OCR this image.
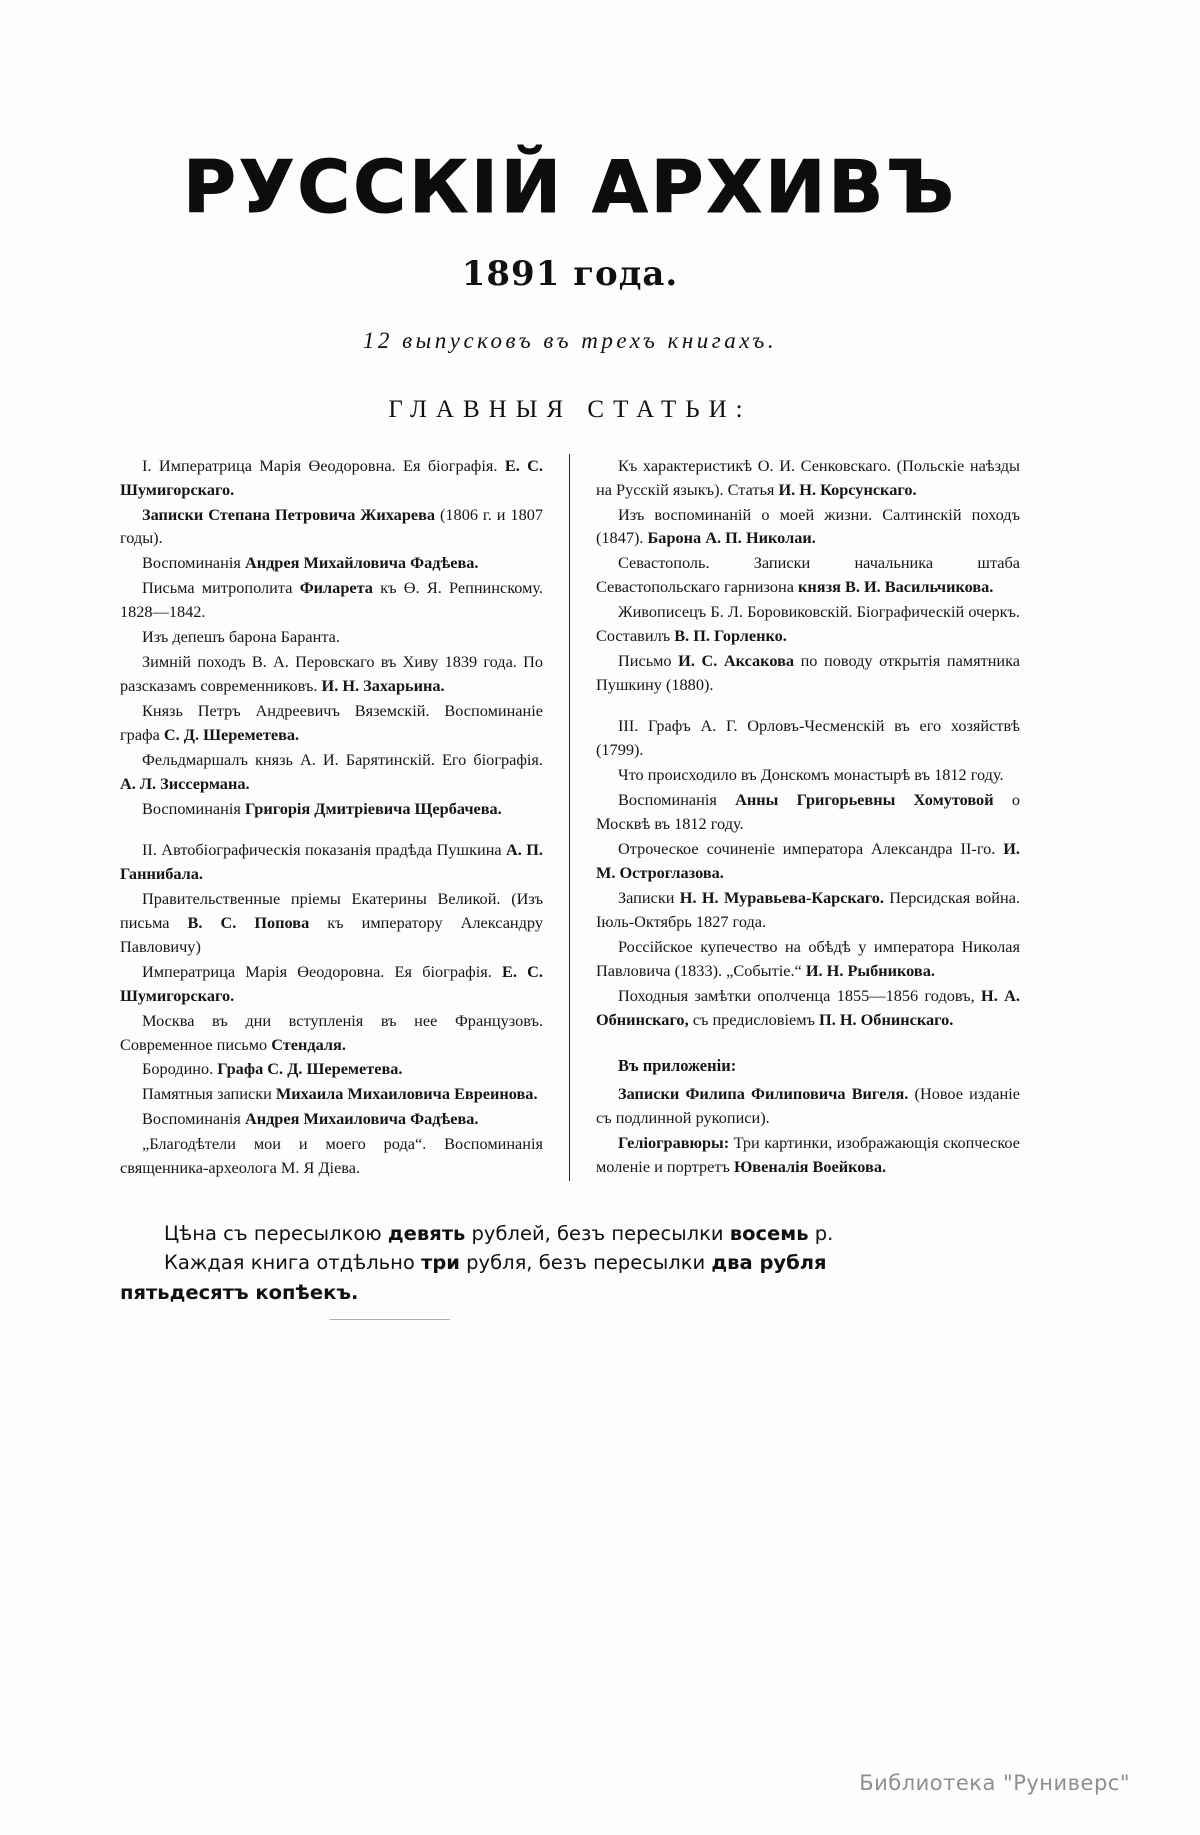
РУССКІЙ АРХИВЪ
1891 года.
12 выпусковъ въ трехъ книгахъ.
ГЛАВНЫЯ СТАТЬИ:

I. Императрица Марія Өеодоровна. Ея біографія. Е. С. Шумигорскаго.

Записки Степана Петровича Жихарева (1806 г. и 1807 годы).

Воспоминанія Андрея Михайловича Фадѣева.

Письма митрополита Филарета къ Ө. Я. Репнинскому. 1828—1842.

Изъ депешъ барона Баранта.

Зимній походъ В. А. Перовскаго въ Хиву 1839 года. По разсказамъ современниковъ. И. Н. Захарьина.

Князь Петръ Андреевичъ Вяземскій. Воспоминаніе графа С. Д. Шереметева.

Фельдмаршалъ князь А. И. Барятинскій. Его біографія. А. Л. Зиссермана.

Воспоминанія Григорія Дмитріевича Щербачева.

II. Автобіографическія показанія прадѣда Пушкина А. П. Ганнибала.

Правительственные пріемы Екатерины Великой. (Изъ письма В. С. Попова къ императору Александру Павловичу)

Императрица Марія Өеодоровна. Ея біографія. Е. С. Шумигорскаго.

Москва въ дни вступленія въ нее Французовъ. Современное письмо Стендаля.

Бородино. Графа С. Д. Шереметева.

Памятныя записки Михаила Михаиловича Евреинова.

Воспоминанія Андрея Михаиловича Фадѣева.

„Благодѣтели мои и моего рода“. Воспоминанія священника-археолога М. Я Діева.

Къ характеристикѣ О. И. Сенковскаго. (Польскіе наѣзды на Русскій языкъ). Статья И. Н. Корсунскаго.

Изъ воспоминаній о моей жизни. Салтинскій походъ (1847). Барона А. П. Николаи.

Севастополь. Записки начальника штаба Севастопольскаго гарнизона князя В. И. Васильчикова.

Живописецъ Б. Л. Боровиковскій. Біографическій очеркъ. Составилъ В. П. Горленко.

Письмо И. С. Аксакова по поводу открытія памятника Пушкину (1880).

III. Графъ А. Г. Орловъ-Чесменскій въ его хозяйствѣ (1799).

Что происходило въ Донскомъ монастырѣ въ 1812 году.

Воспоминанія Анны Григорьевны Хомутовой о Москвѣ въ 1812 году.

Отроческое сочиненіе императора Александра II-го. И. М. Остроглазова.

Записки Н. Н. Муравьева-Карскаго. Персидская война. Іюль-Октябрь 1827 года.

Россійское купечество на обѣдѣ у императора Николая Павловича (1833). „Событіе.“ И. Н. Рыбникова.

Походныя замѣтки ополченца 1855—1856 годовъ, Н. А. Обнинскаго, съ предисловіемъ П. Н. Обнинскаго.

Въ приложеніи:

Записки Филипа Филиповича Вигеля. (Новое изданіе съ подлинной рукописи).

Геліогравюры: Три картинки, изображающія скопческое моленіе и портретъ Ювеналія Воейкова.

Цѣна съ пересылкою девять рублей, безъ пересылки восемь р.
Каждая книга отдѣльно три рубля, безъ пересылки два рубля
пятьдесятъ копѣекъ.
Библиотека "Руниверс"
